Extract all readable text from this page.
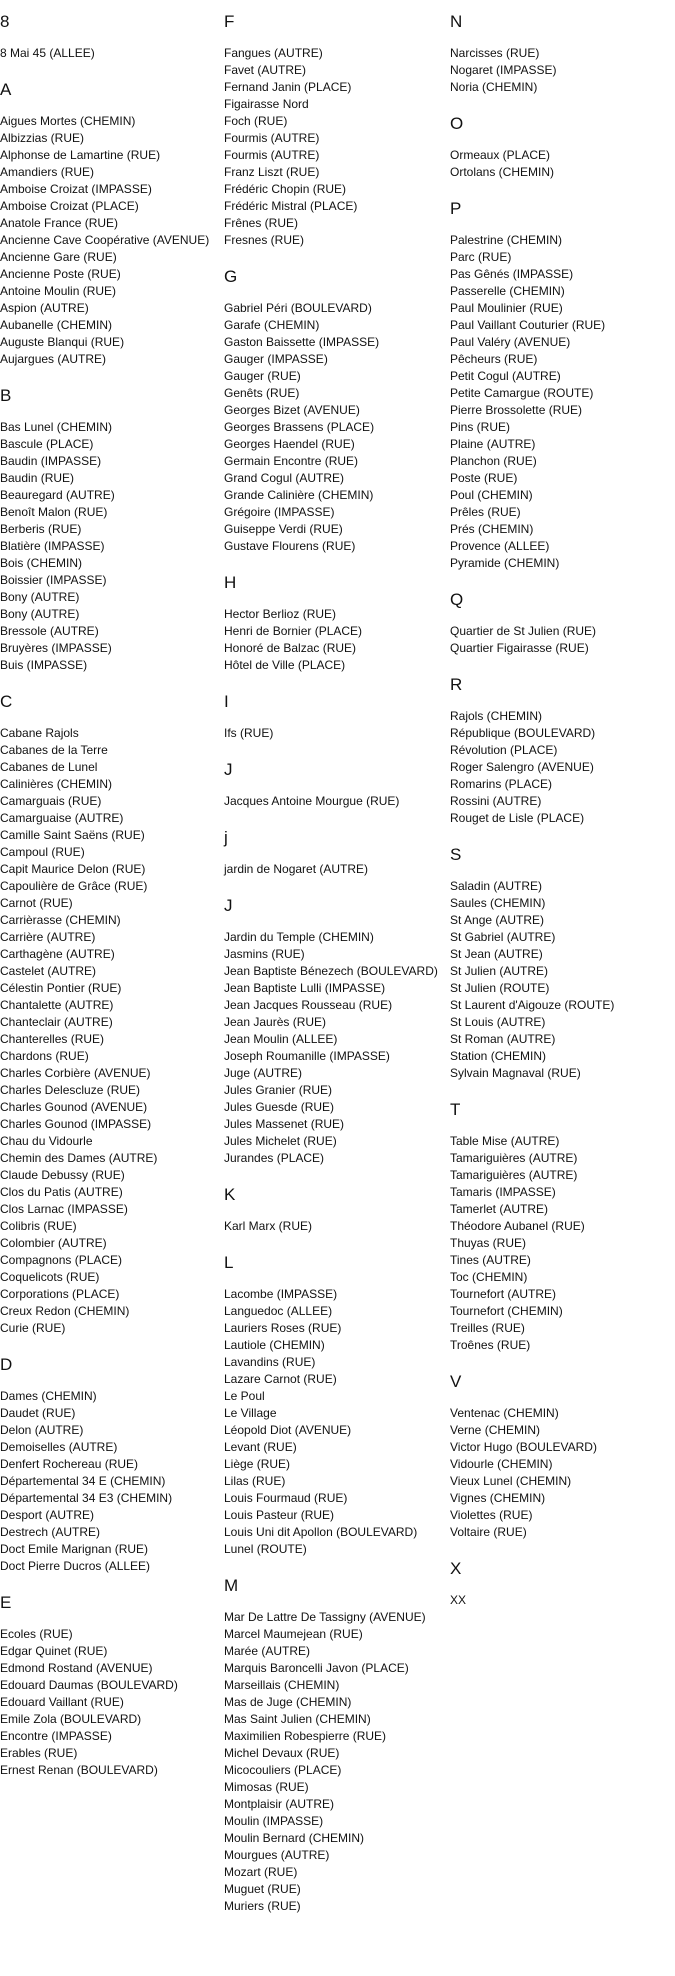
8
8 Mai 45 (ALLEE)
A
Aigues Mortes (CHEMIN)
Albizzias (RUE)
Alphonse de Lamartine (RUE)
Amandiers (RUE)
Amboise Croizat (IMPASSE)
Amboise Croizat (PLACE)
Anatole France (RUE)
Ancienne Cave Coopérative (AVENUE)
Ancienne Gare (RUE)
Ancienne Poste (RUE)
Antoine Moulin (RUE)
Aspion (AUTRE)
Aubanelle (CHEMIN)
Auguste Blanqui (RUE)
Aujargues (AUTRE)
B
Bas Lunel (CHEMIN)
Bascule (PLACE)
Baudin (IMPASSE)
Baudin (RUE)
Beauregard (AUTRE)
Benoît Malon (RUE)
Berberis (RUE)
Blatière (IMPASSE)
Bois (CHEMIN)
Boissier (IMPASSE)
Bony (AUTRE)
Bony (AUTRE)
Bressole (AUTRE)
Bruyères (IMPASSE)
Buis (IMPASSE)
C
Cabane Rajols
Cabanes de la Terre
Cabanes de Lunel
Calinières (CHEMIN)
Camarguais (RUE)
Camarguaise (AUTRE)
Camille Saint Saëns (RUE)
Campoul (RUE)
Capit Maurice Delon (RUE)
Capoulière de Grâce (RUE)
Carnot (RUE)
Carrièrasse (CHEMIN)
Carrière (AUTRE)
Carthagène (AUTRE)
Castelet (AUTRE)
Célestin Pontier (RUE)
Chantalette (AUTRE)
Chanteclair (AUTRE)
Chanterelles (RUE)
Chardons (RUE)
Charles Corbière (AVENUE)
Charles Delescluze (RUE)
Charles Gounod (AVENUE)
Charles Gounod (IMPASSE)
Chau du Vidourle
Chemin des Dames (AUTRE)
Claude Debussy (RUE)
Clos du Patis (AUTRE)
Clos Larnac (IMPASSE)
Colibris (RUE)
Colombier (AUTRE)
Compagnons (PLACE)
Coquelicots (RUE)
Corporations (PLACE)
Creux Redon (CHEMIN)
Curie (RUE)
D
Dames (CHEMIN)
Daudet (RUE)
Delon (AUTRE)
Demoiselles (AUTRE)
Denfert Rochereau (RUE)
Départemental 34 E (CHEMIN)
Départemental 34 E3 (CHEMIN)
Desport (AUTRE)
Destrech (AUTRE)
Doct Emile Marignan (RUE)
Doct Pierre Ducros (ALLEE)
E
Ecoles (RUE)
Edgar Quinet (RUE)
Edmond Rostand (AVENUE)
Edouard Daumas (BOULEVARD)
Edouard Vaillant (RUE)
Emile Zola (BOULEVARD)
Encontre (IMPASSE)
Erables (RUE)
Ernest Renan (BOULEVARD)
F
Fangues (AUTRE)
Favet (AUTRE)
Fernand Janin (PLACE)
Figairasse Nord
Foch (RUE)
Fourmis (AUTRE)
Fourmis (AUTRE)
Franz Liszt (RUE)
Frédéric Chopin (RUE)
Frédéric Mistral (PLACE)
Frênes (RUE)
Fresnes (RUE)
G
Gabriel Péri (BOULEVARD)
Garafe (CHEMIN)
Gaston Baissette (IMPASSE)
Gauger (IMPASSE)
Gauger (RUE)
Genêts (RUE)
Georges Bizet (AVENUE)
Georges Brassens (PLACE)
Georges Haendel (RUE)
Germain Encontre (RUE)
Grand Cogul (AUTRE)
Grande Calinière (CHEMIN)
Grégoire (IMPASSE)
Guiseppe Verdi (RUE)
Gustave Flourens (RUE)
H
Hector Berlioz (RUE)
Henri de Bornier (PLACE)
Honoré de Balzac (RUE)
Hôtel de Ville (PLACE)
I
Ifs (RUE)
J
Jacques Antoine Mourgue (RUE)
j
jardin de Nogaret (AUTRE)
J
Jardin du Temple (CHEMIN)
Jasmins (RUE)
Jean Baptiste Bénezech (BOULEVARD)
Jean Baptiste Lulli (IMPASSE)
Jean Jacques Rousseau (RUE)
Jean Jaurès (RUE)
Jean Moulin (ALLEE)
Joseph Roumanille (IMPASSE)
Juge (AUTRE)
Jules Granier (RUE)
Jules Guesde (RUE)
Jules Massenet (RUE)
Jules Michelet (RUE)
Jurandes (PLACE)
K
Karl Marx (RUE)
L
Lacombe (IMPASSE)
Languedoc (ALLEE)
Lauriers Roses (RUE)
Lautiole (CHEMIN)
Lavandins (RUE)
Lazare Carnot (RUE)
Le Poul
Le Village
Léopold Diot (AVENUE)
Levant (RUE)
Liège (RUE)
Lilas (RUE)
Louis Fourmaud (RUE)
Louis Pasteur (RUE)
Louis Uni dit Apollon (BOULEVARD)
Lunel (ROUTE)
M
Mar De Lattre De Tassigny (AVENUE)
Marcel Maumejean (RUE)
Marée (AUTRE)
Marquis Baroncelli Javon (PLACE)
Marseillais (CHEMIN)
Mas de Juge (CHEMIN)
Mas Saint Julien (CHEMIN)
Maximilien Robespierre (RUE)
Michel Devaux (RUE)
Micocouliers (PLACE)
Mimosas (RUE)
Montplaisir (AUTRE)
Moulin (IMPASSE)
Moulin Bernard (CHEMIN)
Mourgues (AUTRE)
Mozart (RUE)
Muguet (RUE)
Muriers (RUE)
N
Narcisses (RUE)
Nogaret (IMPASSE)
Noria (CHEMIN)
O
Ormeaux (PLACE)
Ortolans (CHEMIN)
P
Palestrine (CHEMIN)
Parc (RUE)
Pas Gênés (IMPASSE)
Passerelle (CHEMIN)
Paul Moulinier (RUE)
Paul Vaillant Couturier (RUE)
Paul Valéry (AVENUE)
Pêcheurs (RUE)
Petit Cogul (AUTRE)
Petite Camargue (ROUTE)
Pierre Brossolette (RUE)
Pins (RUE)
Plaine (AUTRE)
Planchon (RUE)
Poste (RUE)
Poul (CHEMIN)
Prêles (RUE)
Prés (CHEMIN)
Provence (ALLEE)
Pyramide (CHEMIN)
Q
Quartier de St Julien (RUE)
Quartier Figairasse (RUE)
R
Rajols (CHEMIN)
République (BOULEVARD)
Révolution (PLACE)
Roger Salengro (AVENUE)
Romarins (PLACE)
Rossini (AUTRE)
Rouget de Lisle (PLACE)
S
Saladin (AUTRE)
Saules (CHEMIN)
St Ange (AUTRE)
St Gabriel (AUTRE)
St Jean (AUTRE)
St Julien (AUTRE)
St Julien (ROUTE)
St Laurent d'Aigouze (ROUTE)
St Louis (AUTRE)
St Roman (AUTRE)
Station (CHEMIN)
Sylvain Magnaval (RUE)
T
Table Mise (AUTRE)
Tamariguières (AUTRE)
Tamariguières (AUTRE)
Tamaris (IMPASSE)
Tamerlet (AUTRE)
Théodore Aubanel (RUE)
Thuyas (RUE)
Tines (AUTRE)
Toc (CHEMIN)
Tournefort (AUTRE)
Tournefort (CHEMIN)
Treilles (RUE)
Troênes (RUE)
V
Ventenac (CHEMIN)
Verne (CHEMIN)
Victor Hugo (BOULEVARD)
Vidourle (CHEMIN)
Vieux Lunel (CHEMIN)
Vignes (CHEMIN)
Violettes (RUE)
Voltaire (RUE)
X
XX
